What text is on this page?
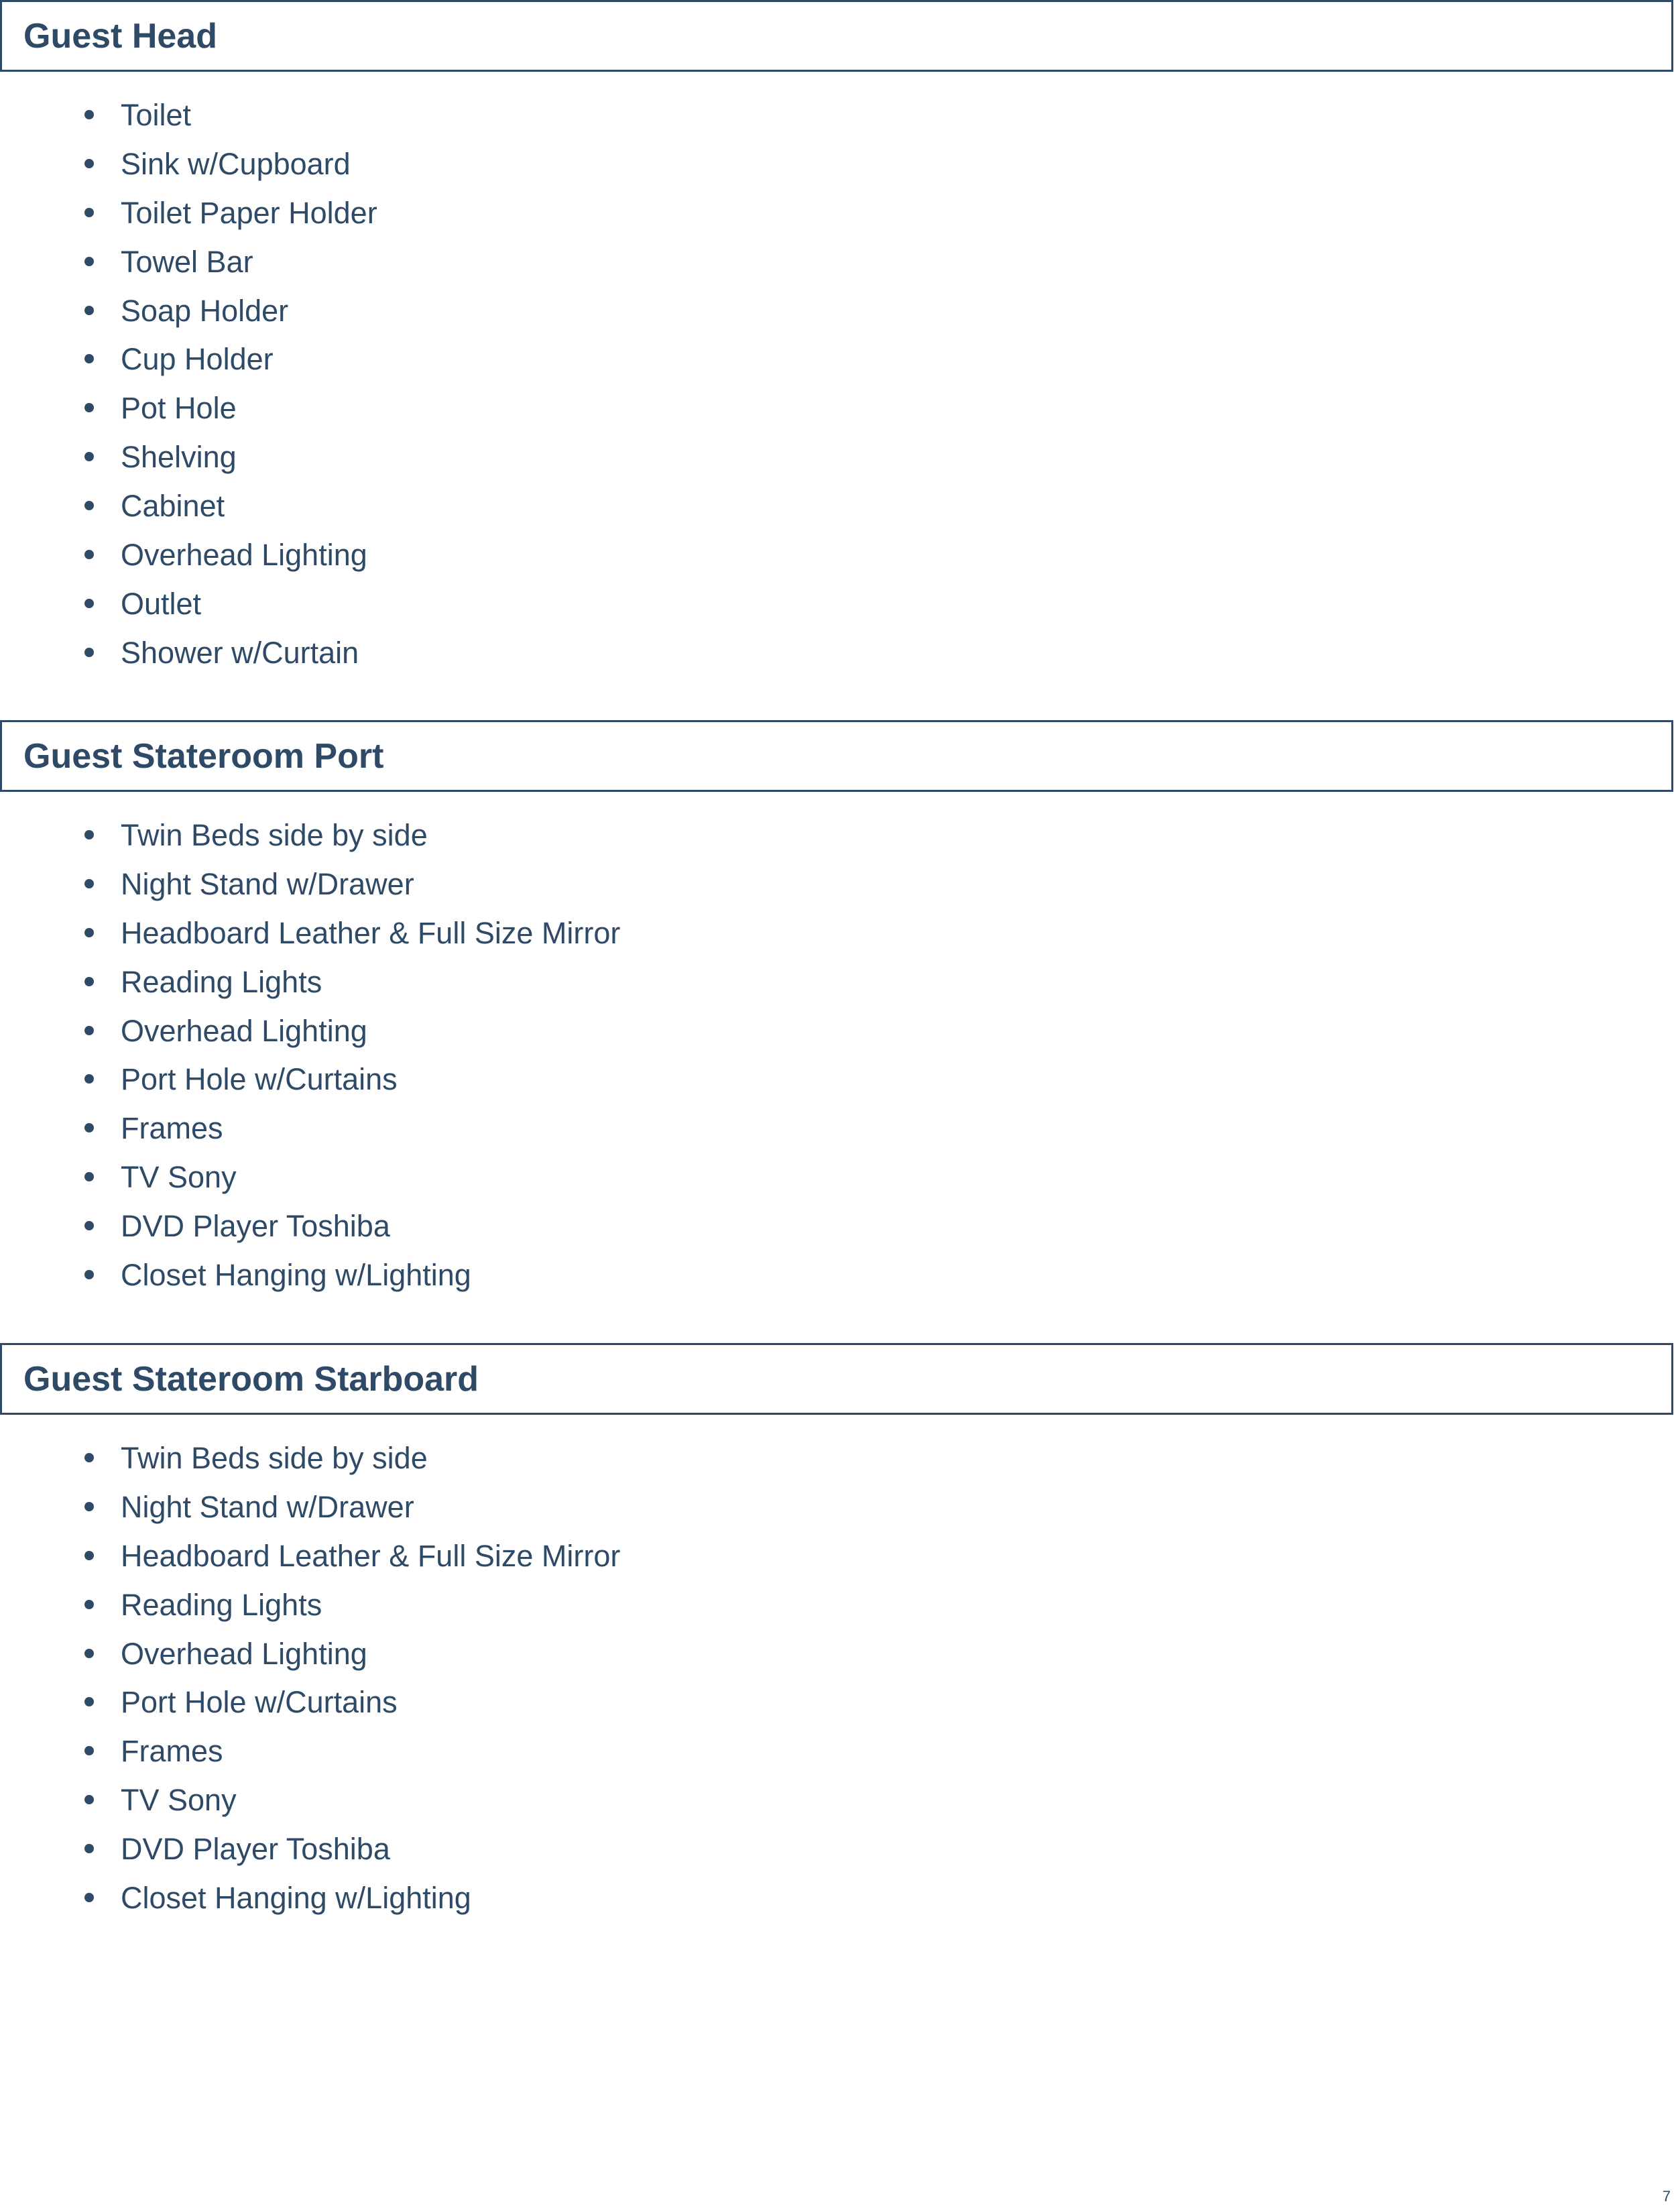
Guest Head
Toilet
Sink w/Cupboard
Toilet Paper Holder
Towel Bar
Soap Holder
Cup Holder
Pot Hole
Shelving
Cabinet
Overhead Lighting
Outlet
Shower w/Curtain
Guest Stateroom Port
Twin Beds side by side
Night Stand w/Drawer
Headboard Leather & Full Size Mirror
Reading Lights
Overhead Lighting
Port Hole w/Curtains
Frames
TV Sony
DVD Player Toshiba
Closet Hanging w/Lighting
Guest Stateroom Starboard
Twin Beds side by side
Night Stand w/Drawer
Headboard Leather & Full Size Mirror
Reading Lights
Overhead Lighting
Port Hole w/Curtains
Frames
TV Sony
DVD Player Toshiba
Closet Hanging w/Lighting
7
